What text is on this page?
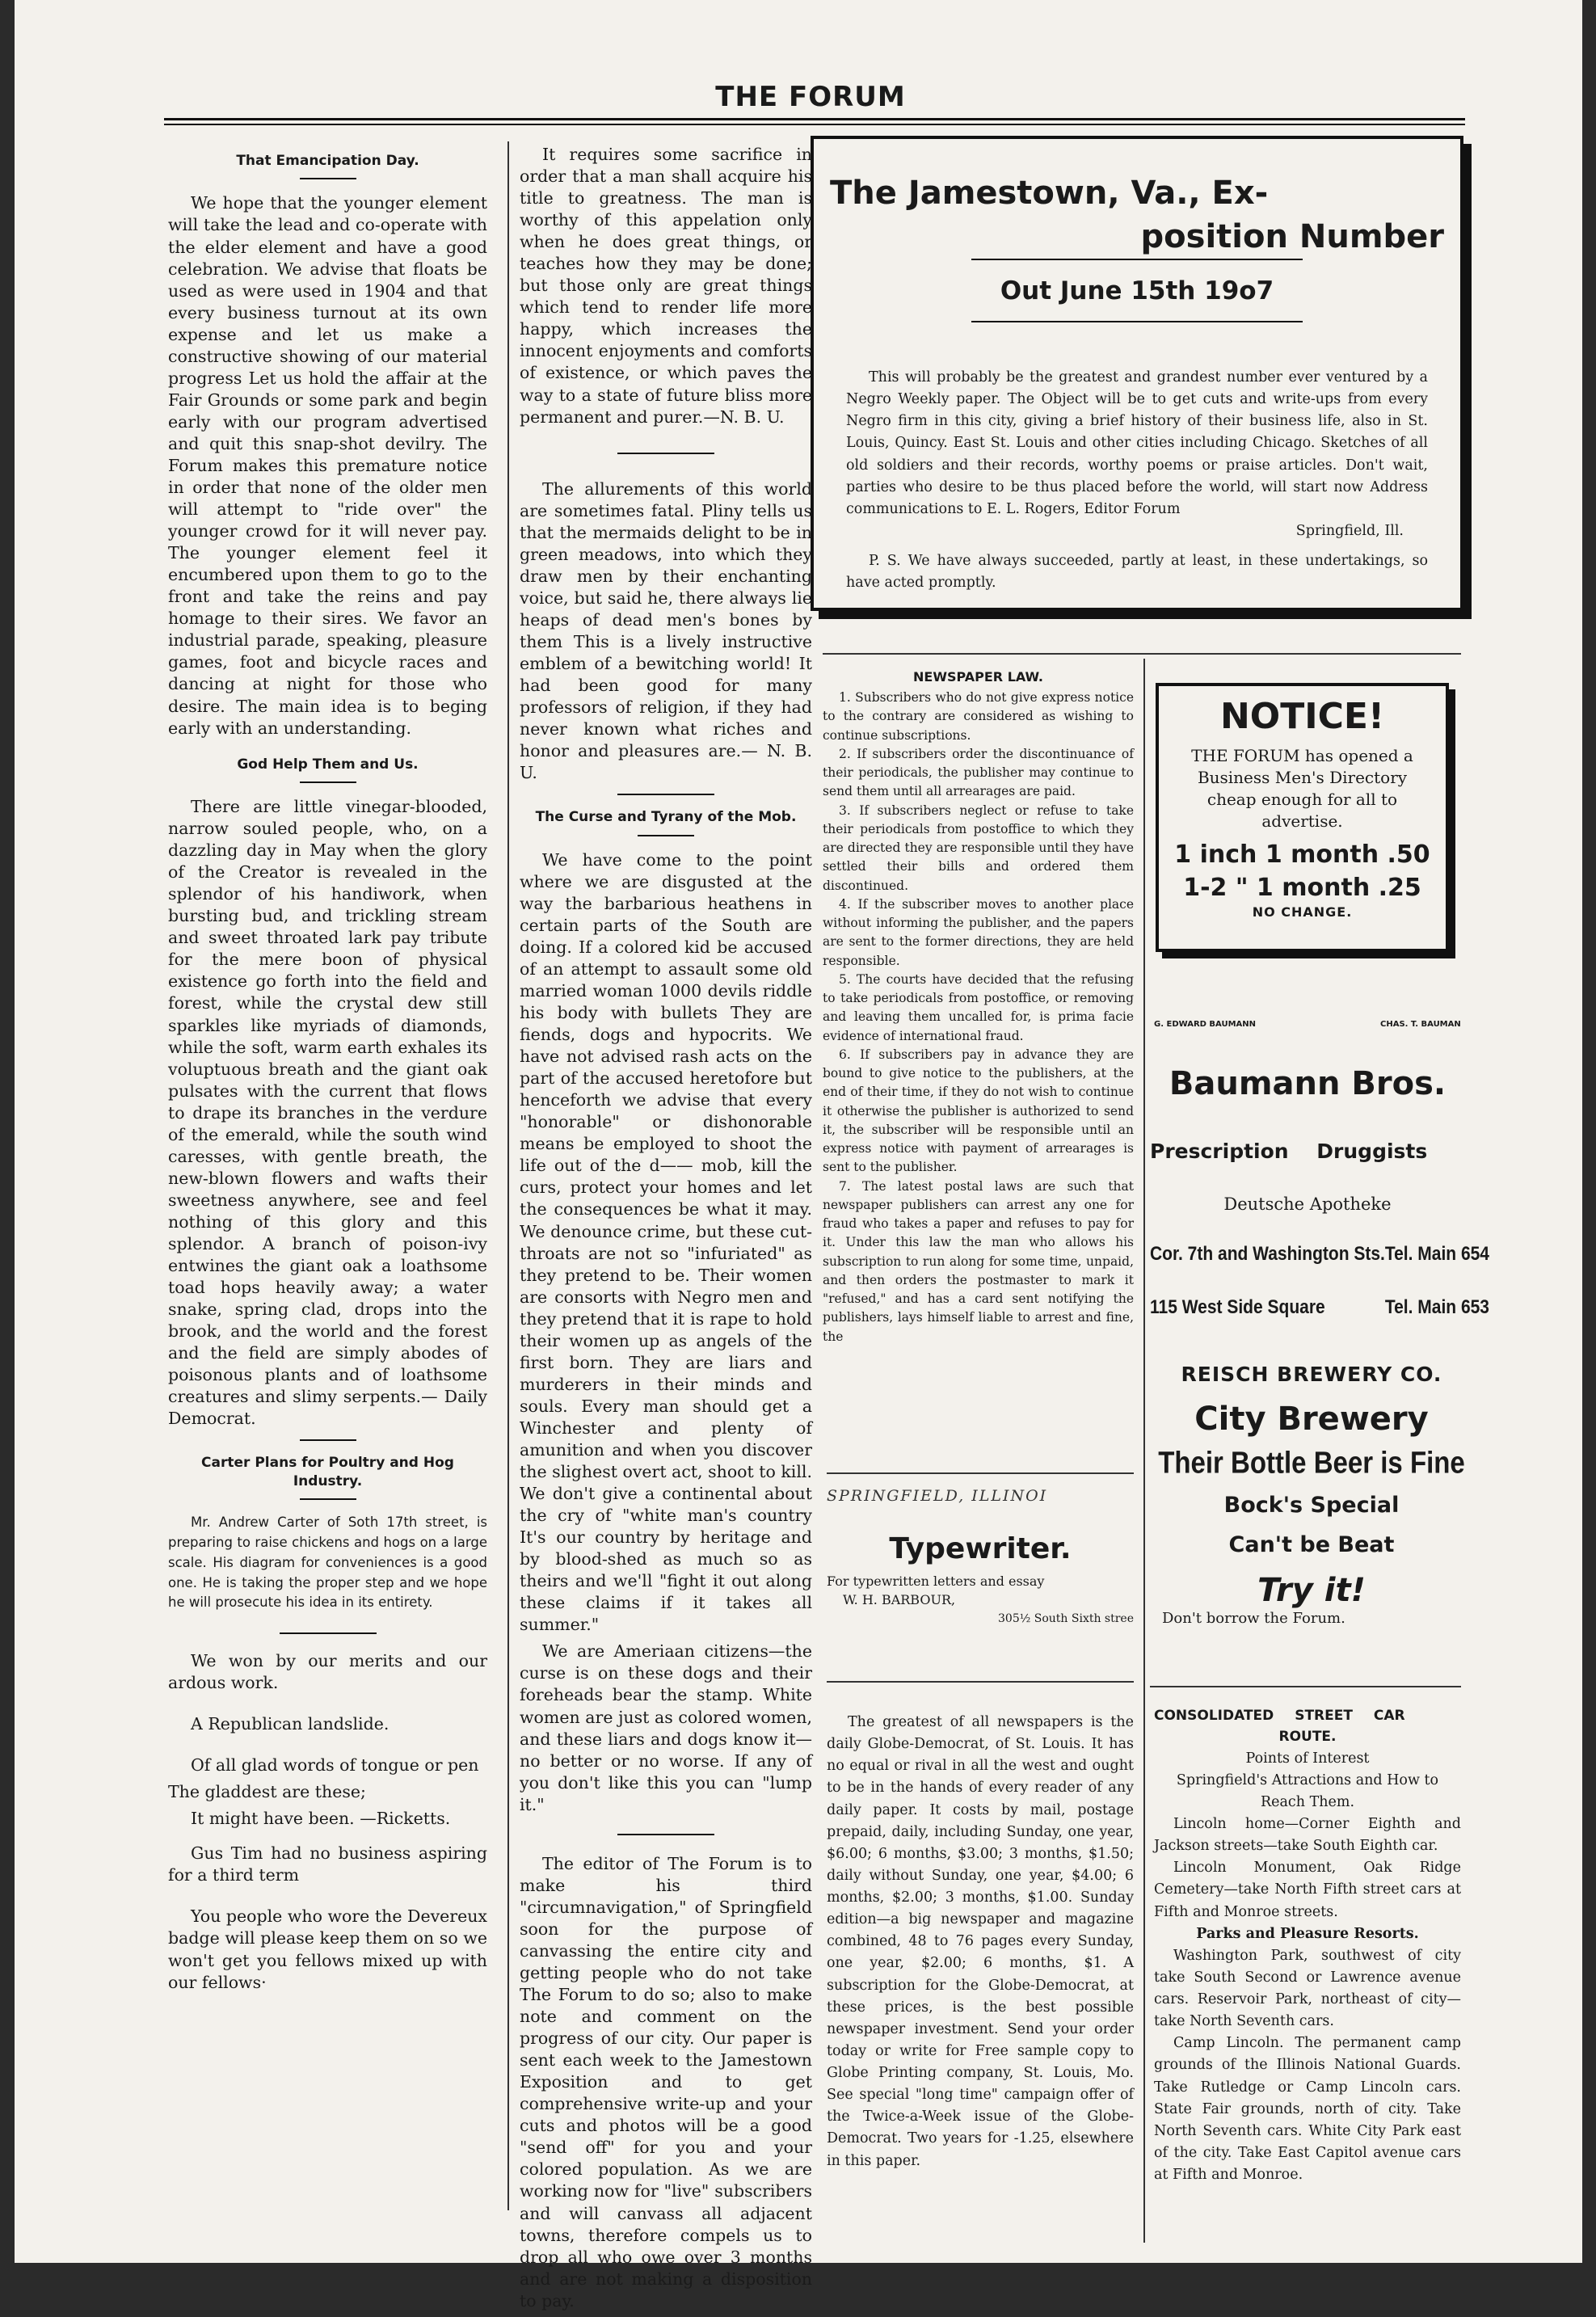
THE FORUM
That Emancipation Day.

We hope that the younger element will take the lead and co-operate with the elder element and have a good celebration. We advise that floats be used as were used in 1904 and that every business turnout at its own expense and let us make a constructive showing of our material progress Let us hold the affair at the Fair Grounds or some park and begin early with our program advertised and quit this snap-shot devilry. The Forum makes this premature notice in order that none of the older men will attempt to "ride over" the younger crowd for it will never pay. The younger element feel it encumbered upon them to go to the front and take the reins and pay homage to their sires. We favor an industrial parade, speaking, pleasure games, foot and bicycle races and dancing at night for those who desire. The main idea is to beging early with an understanding.

God Help Them and Us.

There are little vinegar-blooded, narrow souled people, who, on a dazzling day in May when the glory of the Creator is revealed in the splendor of his handiwork, when bursting bud, and trickling stream and sweet throated lark pay tribute for the mere boon of physical existence go forth into the field and forest, while the crystal dew still sparkles like myriads of diamonds, while the soft, warm earth exhales its voluptuous breath and the giant oak pulsates with the current that flows to drape its branches in the verdure of the emerald, while the south wind caresses, with gentle breath, the new-blown flowers and wafts their sweetness anywhere, see and feel nothing of this glory and this splendor. A branch of poison-ivy entwines the giant oak a loathsome toad hops heavily away; a water snake, spring clad, drops into the brook, and the world and the forest and the field are simply abodes of poisonous plants and of loathsome creatures and slimy serpents.— Daily Democrat.

Carter Plans for Poultry and Hog Industry.

Mr. Andrew Carter of Soth 17th street, is preparing to raise chickens and hogs on a large scale. His diagram for conveniences is a good one. He is taking the proper step and we hope he will prosecute his idea in its entirety.

We won by our merits and our ardous work.

A Republican landslide.

Of all glad words of tongue or pen

The gladdest are these;

It might have been. —Ricketts.

Gus Tim had no business aspiring for a third term

You people who wore the Devereux badge will please keep them on so we won't get you fellows mixed up with our fellows·

It requires some sacrifice in order that a man shall acquire his title to greatness. The man is worthy of this appelation only when he does great things, or teaches how they may be done; but those only are great things which tend to render life more happy, which increases the innocent enjoyments and comforts of existence, or which paves the way to a state of future bliss more permanent and purer.—N. B. U.

The allurements of this world are sometimes fatal. Pliny tells us that the mermaids delight to be in green meadows, into which they draw men by their enchanting voice, but said he, there always lie heaps of dead men's bones by them This is a lively instructive emblem of a bewitching world! It had been good for many professors of religion, if they had never known what riches and honor and pleasures are.— N. B. U.

The Curse and Tyrany of the Mob.

We have come to the point where we are disgusted at the way the barbarious heathens in certain parts of the South are doing. If a colored kid be accused of an attempt to assault some old married woman 1000 devils riddle his body with bullets They are fiends, dogs and hypocrits. We have not advised rash acts on the part of the accused heretofore but henceforth we advise that every "honorable" or dishonorable means be employed to shoot the life out of the d—— mob, kill the curs, protect your homes and let the consequences be what it may. We denounce crime, but these cut-throats are not so "infuriated" as they pretend to be. Their women are consorts with Negro men and they pretend that it is rape to hold their women up as angels of the first born. They are liars and murderers in their minds and souls. Every man should get a Winchester and plenty of amunition and when you discover the slighest overt act, shoot to kill. We don't give a continental about the cry of "white man's country It's our country by heritage and by blood-shed as much so as theirs and we'll "fight it out along these claims if it takes all summer."

We are Ameriaan citizens—the curse is on these dogs and their foreheads bear the stamp. White women are just as colored women, and these liars and dogs know it—no better or no worse. If any of you don't like this you can "lump it."

The editor of The Forum is to make his third "circumnavigation," of Springfield soon for the purpose of canvassing the entire city and getting people who do not take The Forum to do so; also to make note and comment on the progress of our city. Our paper is sent each week to the Jamestown Exposition and to get comprehensive write-up and your cuts and photos will be a good "send off" for you and your colored population. As we are working now for "live" subscribers and will canvass all adjacent towns, therefore compels us to drop all who owe over 3 months and are not making a disposition to pay.

The Jamestown, Va., Ex-
position Number
Out June 15th 19o7

This will probably be the greatest and grandest number ever ventured by a Negro Weekly paper. The Object will be to get cuts and write-ups from every Negro firm in this city, giving a brief history of their business life, also in St. Louis, Quincy. East St. Louis and other cities including Chicago. Sketches of all old soldiers and their records, worthy poems or praise articles. Don't wait, parties who desire to be thus placed before the world, will start now Address communications to E. L. Rogers, Editor Forum

Springfield, Ill.

P. S. We have always succeeded, partly at least, in these undertakings, so have acted promptly.

NEWSPAPER LAW.

1. Subscribers who do not give express notice to the contrary are considered as wishing to continue subscriptions.

2. If subscribers order the discontinuance of their periodicals, the publisher may continue to send them until all arrearages are paid.

3. If subscribers neglect or refuse to take their periodicals from postoffice to which they are directed they are responsible until they have settled their bills and ordered them discontinued.

4. If the subscriber moves to another place without informing the publisher, and the papers are sent to the former directions, they are held responsible.

5. The courts have decided that the refusing to take periodicals from postoffice, or removing and leaving them uncalled for, is prima facie evidence of international fraud.

6. If subscribers pay in advance they are bound to give notice to the publishers, at the end of their time, if they do not wish to continue it otherwise the publisher is authorized to send it, the subscriber will be responsible until an express notice with payment of arrearages is sent to the publisher.

7. The latest postal laws are such that newspaper publishers can arrest any one for fraud who takes a paper and refuses to pay for it. Under this law the man who allows his subscription to run along for some time, unpaid, and then orders the postmaster to mark it "refused," and has a card sent notifying the publishers, lays himself liable to arrest and fine, the

NOTICE!
THE FORUM has opened a Business Men's Directory cheap enough for all to advertise.
1 inch 1 month .50
1-2 " 1 month .25
NO CHANGE.
G. EDWARD BAUMANN	CHAS. T. BAUMAN
Baumann Bros.
Prescription Druggists
Deutsche Apotheke
Cor. 7th and Washington Sts. Tel. Main 654
115 West Side Square	Tel. Main 653
REISCH BREWERY CO.
City Brewery
Their Bottle Beer is Fine
Bock's Special
Can't be Beat
Try it!
Don't borrow the Forum.
SPRINGFIELD, ILLINOI
Typewriter.
For typewritten letters and essay
W. H. BARBOUR,
305½ South Sixth stree

The greatest of all newspapers is the daily Globe-Democrat, of St. Louis. It has no equal or rival in all the west and ought to be in the hands of every reader of any daily paper. It costs by mail, postage prepaid, daily, including Sunday, one year, $6.00; 6 months, $3.00; 3 months, $1.50; daily without Sunday, one year, $4.00; 6 months, $2.00; 3 months, $1.00. Sunday edition—a big newspaper and magazine combined, 48 to 76 pages every Sunday, one year, $2.00; 6 months, $1. A subscription for the Globe-Democrat, at these prices, is the best possible newspaper investment. Send your order today or write for Free sample copy to Globe Printing company, St. Louis, Mo. See special "long time" campaign offer of the Twice-a-Week issue of the Globe-Democrat. Two years for -1.25, elsewhere in this paper.

CONSOLIDATED STREET CAR
ROUTE.
Points of Interest
Springfield's Attractions and How to Reach Them.

Lincoln home—Corner Eighth and Jackson streets—take South Eighth car.

Lincoln Monument, Oak Ridge Cemetery—take North Fifth street cars at Fifth and Monroe streets.

Parks and Pleasure Resorts.

Washington Park, southwest of city take South Second or Lawrence avenue cars. Reservoir Park, northeast of city—take North Seventh cars.

Camp Lincoln. The permanent camp grounds of the Illinois National Guards. Take Rutledge or Camp Lincoln cars. State Fair grounds, north of city. Take North Seventh cars. White City Park east of the city. Take East Capitol avenue cars at Fifth and Monroe.
